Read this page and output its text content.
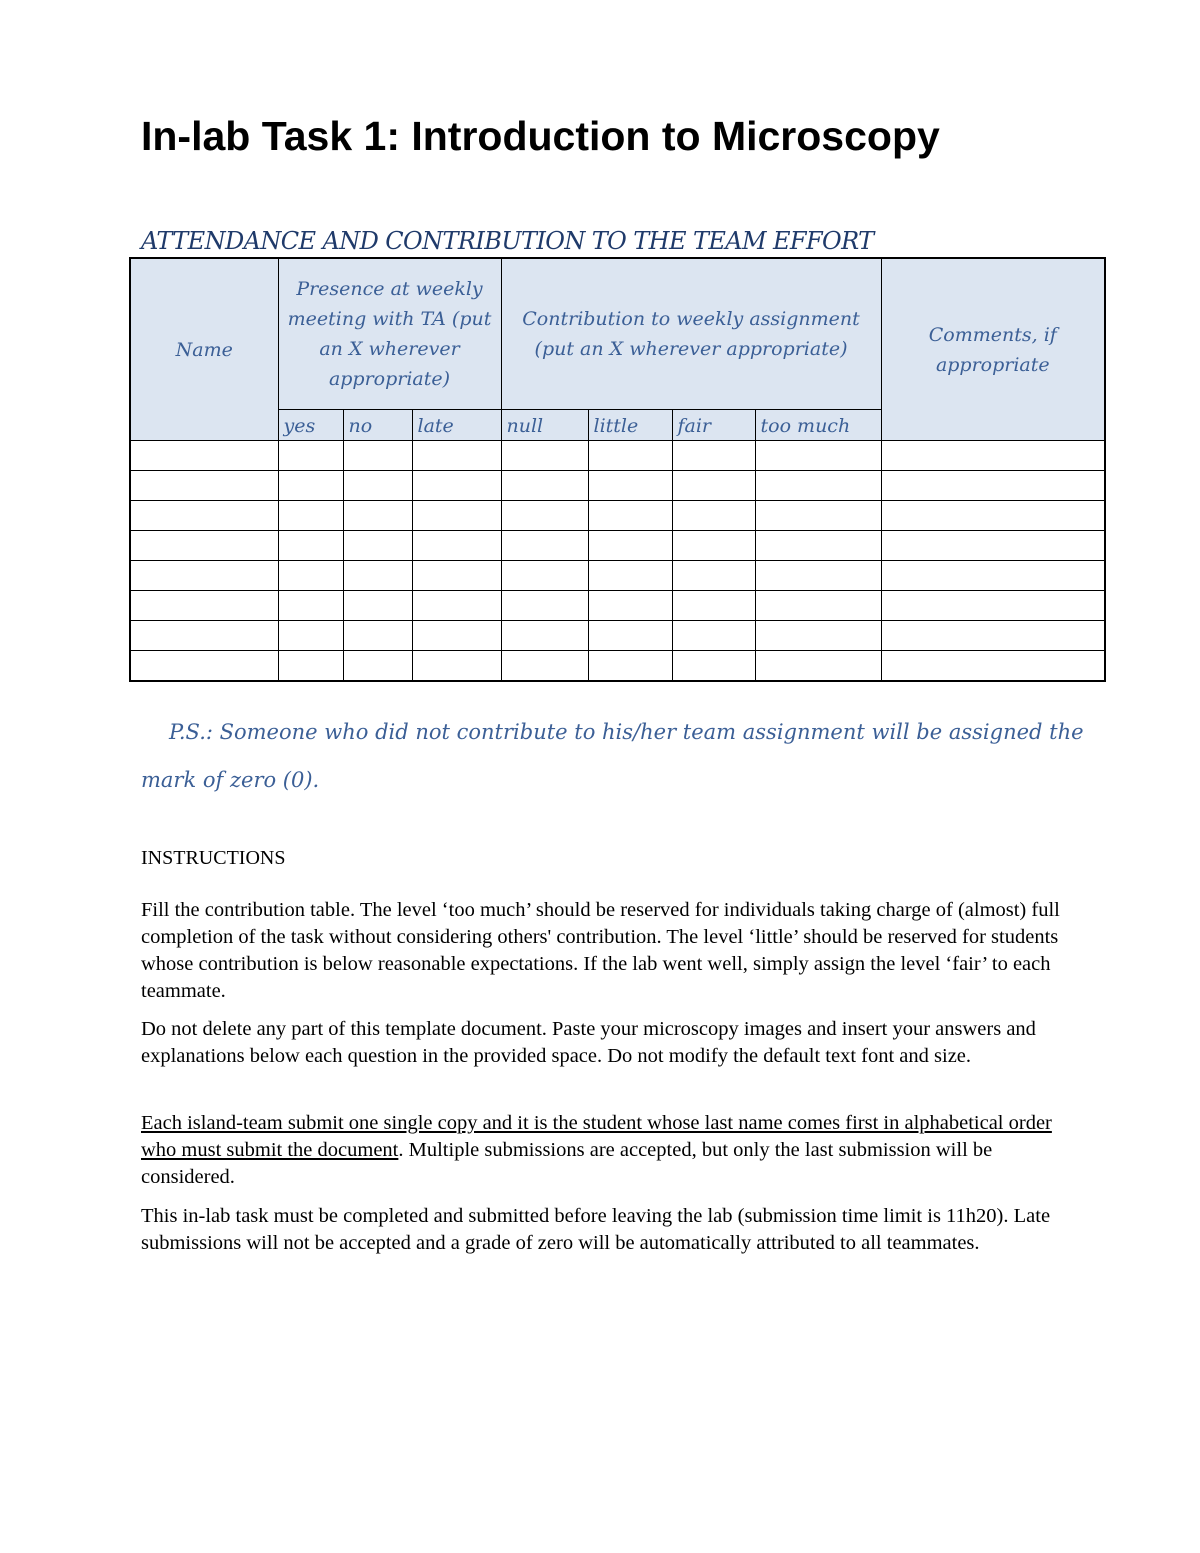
In-lab Task 1: Introduction to Microscopy
ATTENDANCE AND CONTRIBUTION TO THE TEAM EFFORT
Name	Presence at weekly meeting with TA (put an X wherever appropriate)			Contribution to weekly assignment (put an X wherever appropriate)				Comments, if appropriate
	yes	no	late	null	little	fair	too much	

P.S.: Someone who did not contribute to his/her team assignment will be assigned the mark of zero (0).

INSTRUCTIONS

Fill the contribution table. The level ‘too much’ should be reserved for individuals taking charge of (almost) full completion of the task without considering others' contribution. The level ‘little’ should be reserved for students whose contribution is below reasonable expectations. If the lab went well, simply assign the level ‘fair’ to each teammate.

Do not delete any part of this template document. Paste your microscopy images and insert your answers and explanations below each question in the provided space. Do not modify the default text font and size.

Each island-team submit one single copy and it is the student whose last name comes first in alphabetical order who must submit the document. Multiple submissions are accepted, but only the last submission will be considered.

This in-lab task must be completed and submitted before leaving the lab (submission time limit is 11h20). Late submissions will not be accepted and a grade of zero will be automatically attributed to all teammates.
